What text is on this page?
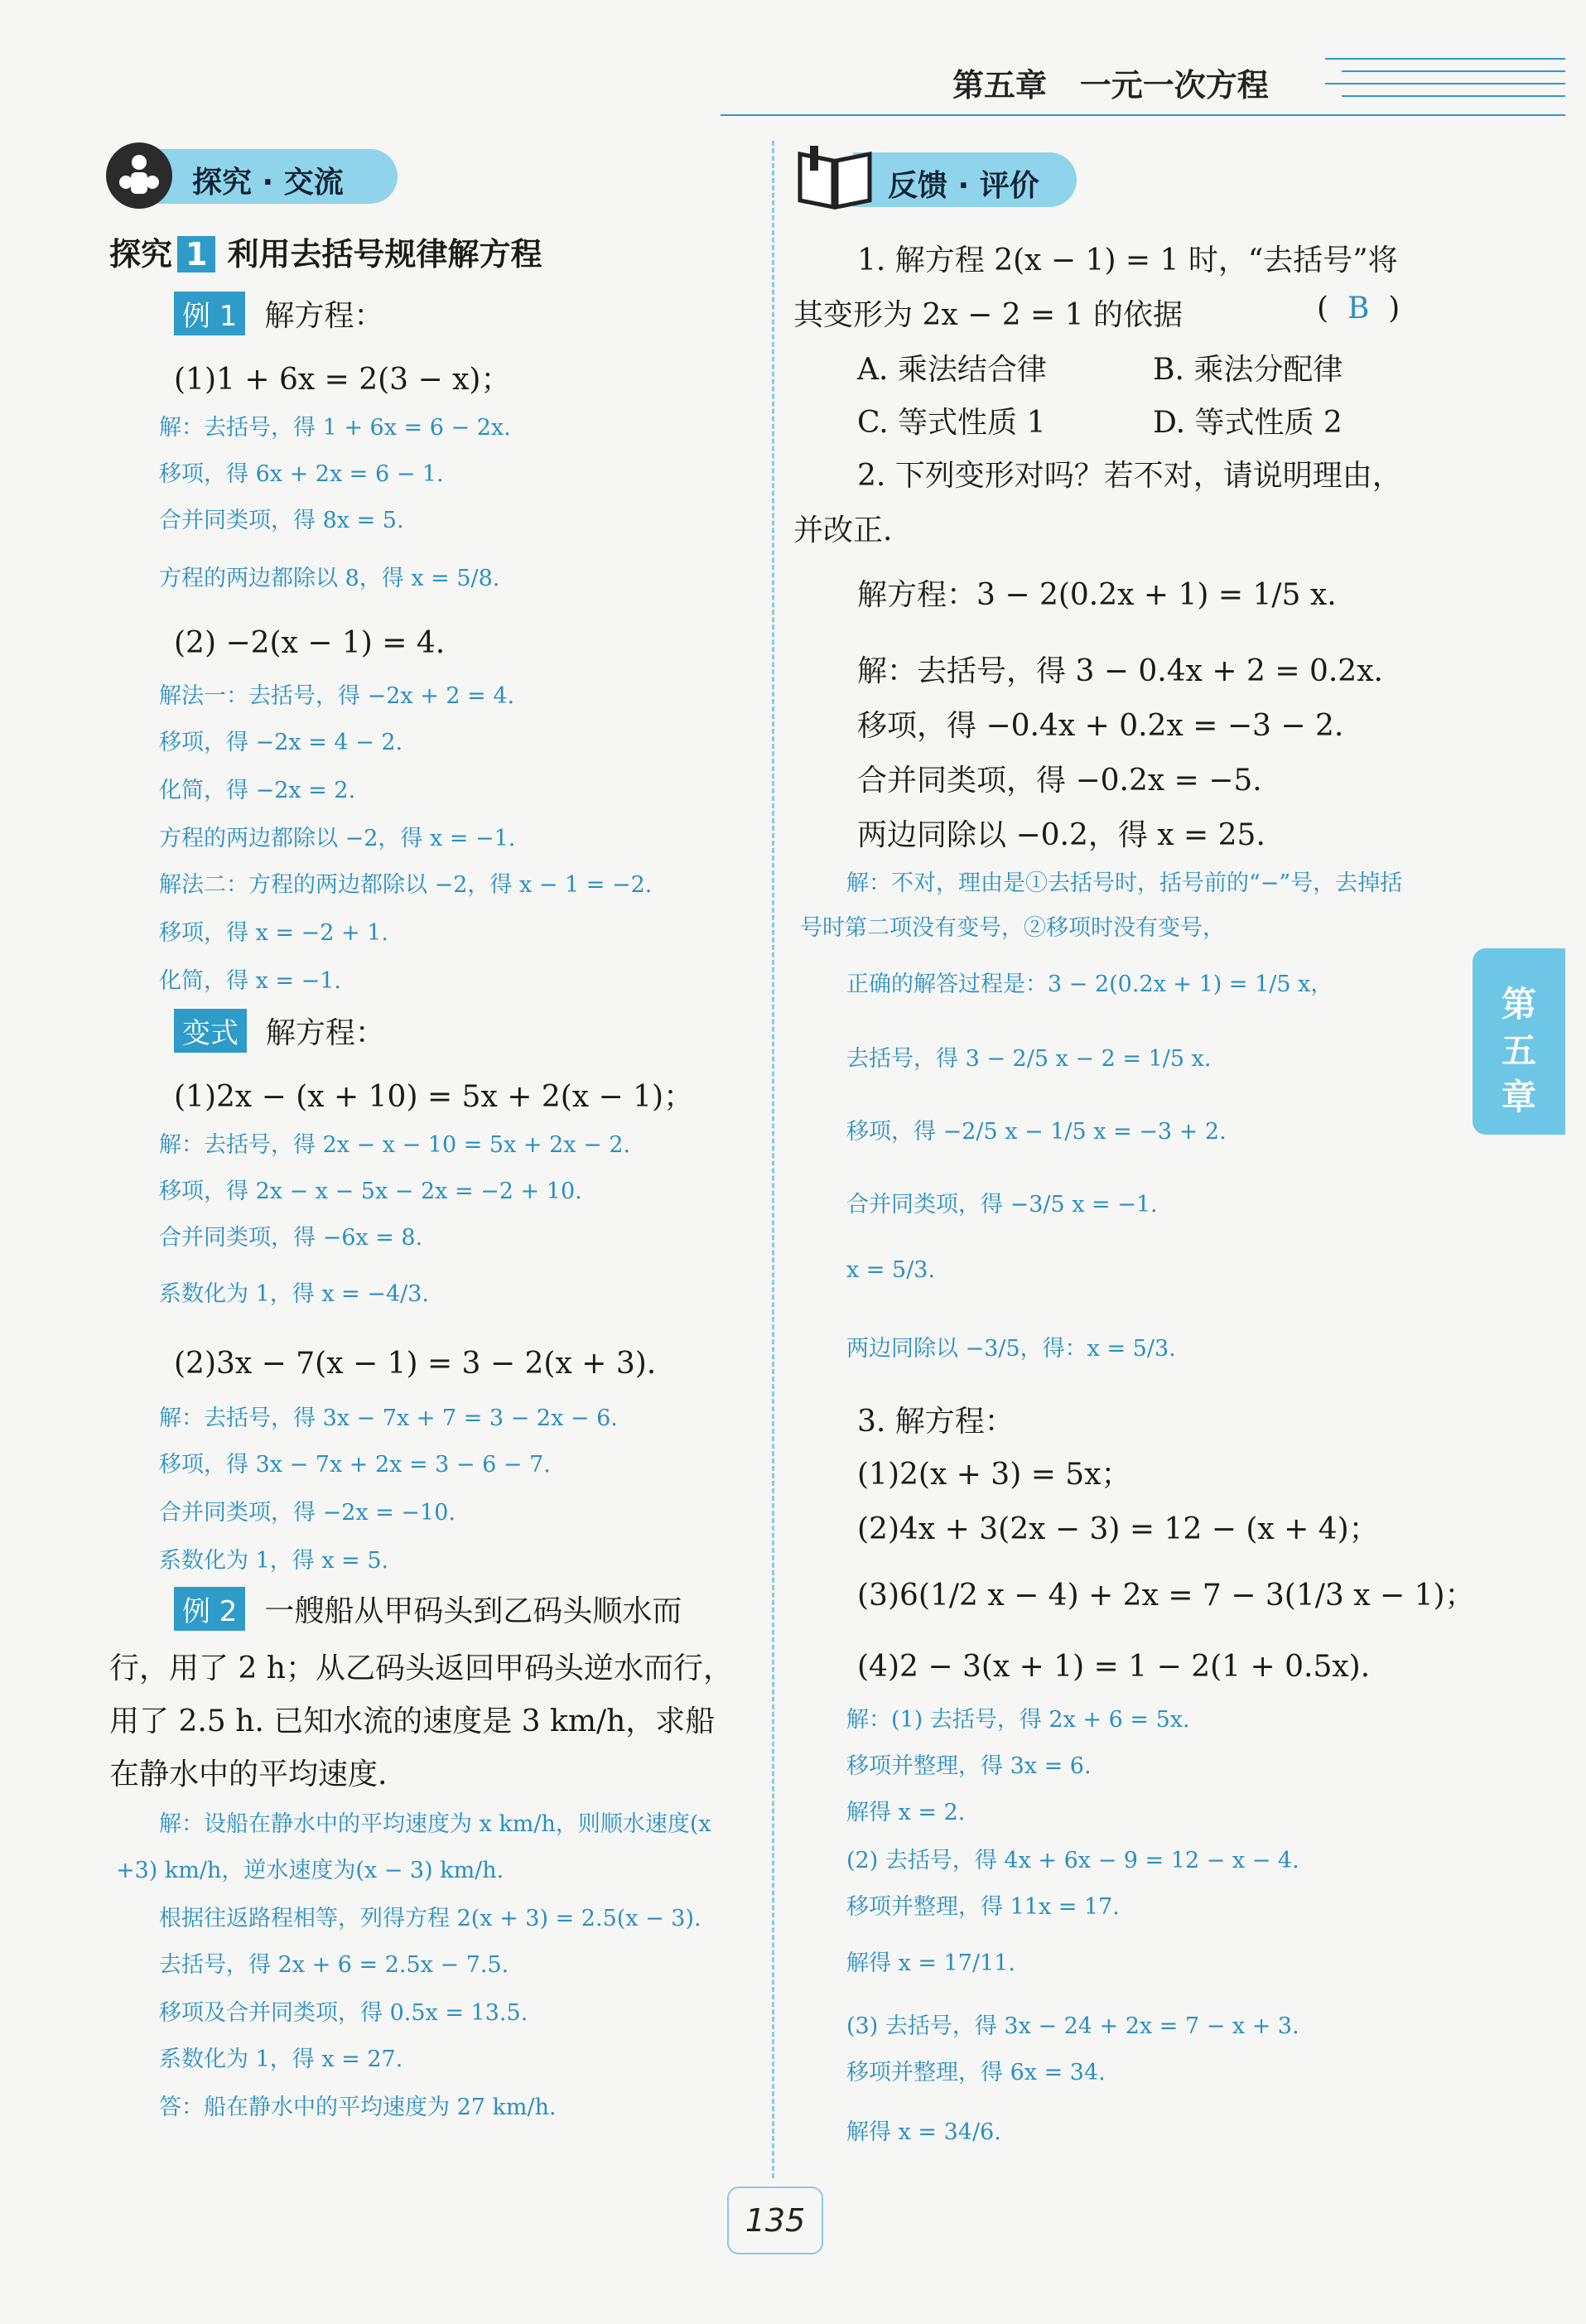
第五章 一元一次方程
探究 · 交流
探究 1 利用去括号规律解方程
例 1 解方程：
(1)1 + 6x = 2(3 − x)；
解：去括号，得 1 + 6x = 6 − 2x.
移项，得 6x + 2x = 6 − 1.
合并同类项，得 8x = 5.
方程的两边都除以 8，得 x = 5/8.
(2) −2(x − 1) = 4.
解法一：去括号，得 −2x + 2 = 4.
移项，得 −2x = 4 − 2.
化简，得 −2x = 2.
方程的两边都除以 −2，得 x = −1.
解法二：方程的两边都除以 −2，得 x − 1 = −2.
移项，得 x = −2 + 1.
化简，得 x = −1.
变式 解方程：
(1)2x − (x + 10) = 5x + 2(x − 1)；
解：去括号，得 2x − x − 10 = 5x + 2x − 2.
移项，得 2x − x − 5x − 2x = −2 + 10.
合并同类项，得 −6x = 8.
系数化为 1，得 x = −4/3.
(2)3x − 7(x − 1) = 3 − 2(x + 3).
解：去括号，得 3x − 7x + 7 = 3 − 2x − 6.
移项，得 3x − 7x + 2x = 3 − 6 − 7.
合并同类项，得 −2x = −10.
系数化为 1，得 x = 5.
例 2 一艘船从甲码头到乙码头顺水而
行，用了 2 h；从乙码头返回甲码头逆水而行，
用了 2.5 h. 已知水流的速度是 3 km/h，求船
在静水中的平均速度.
解：设船在静水中的平均速度为 x km/h，则顺水速度(x
+3) km/h，逆水速度为(x − 3) km/h.
根据往返路程相等，列得方程 2(x + 3) = 2.5(x − 3).
去括号，得 2x + 6 = 2.5x − 7.5.
移项及合并同类项，得 0.5x = 13.5.
系数化为 1，得 x = 27.
答：船在静水中的平均速度为 27 km/h.
反馈 · 评价
1. 解方程 2(x − 1) = 1 时，“去括号”将
其变形为 2x − 2 = 1 的依据	(  B  )
A. 乘法结合律	B. 乘法分配律
C. 等式性质 1	D. 等式性质 2
2. 下列变形对吗？若不对，请说明理由，
并改正.
解方程：3 − 2(0.2x + 1) = 1/5 x.
解：去括号，得 3 − 0.4x + 2 = 0.2x.
移项，得 −0.4x + 0.2x = −3 − 2.
合并同类项，得 −0.2x = −5.
两边同除以 −0.2，得 x = 25.
解：不对，理由是①去括号时，括号前的“−”号，去掉括
号时第二项没有变号，②移项时没有变号，
正确的解答过程是：3 − 2(0.2x + 1) = 1/5 x，
去括号，得 3 − 2/5 x − 2 = 1/5 x.
移项，得 −2/5 x − 1/5 x = −3 + 2.
合并同类项，得 −3/5 x = −1.
x = 5/3.
两边同除以 −3/5，得：x = 5/3.
3. 解方程：
(1)2(x + 3) = 5x；
(2)4x + 3(2x − 3) = 12 − (x + 4)；
(3)6(1/2 x − 4) + 2x = 7 − 3(1/3 x − 1)；
(4)2 − 3(x + 1) = 1 − 2(1 + 0.5x).
解：(1) 去括号，得 2x + 6 = 5x.
移项并整理，得 3x = 6.
解得 x = 2.
(2) 去括号，得 4x + 6x − 9 = 12 − x − 4.
移项并整理，得 11x = 17.
解得 x = 17/11.
(3) 去括号，得 3x − 24 + 2x = 7 − x + 3.
移项并整理，得 6x = 34.
解得 x = 34/6.
第五章
135
